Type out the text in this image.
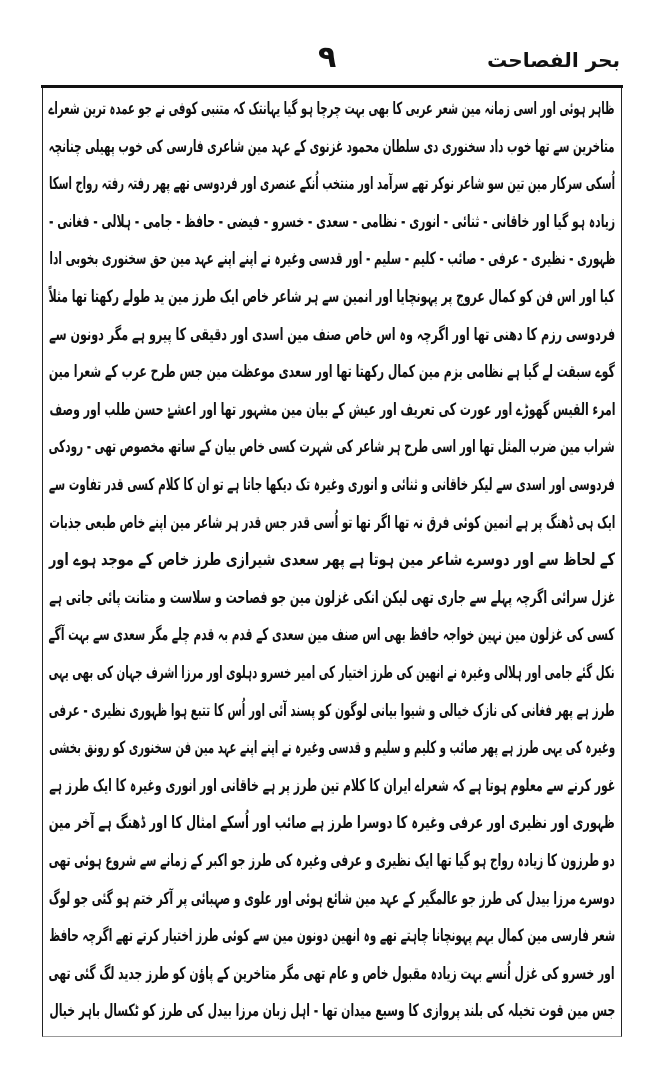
بحر الفصاحت
۹
ظاہر ہوئی اور اسی زمانہ مین شعر عربی کا بھی بہت چرچا ہو گیا یہانتک کہ متنبی کوفی نے جو عمدہ ترین شعراے
متاخرین سے تھا خوب داد سخنوری دی سلطان محمود غزنوی کے عہد مین شاعری فارسی کی خوب پھیلی چنانچہ
اُسکی سرکار مین تین سو شاعر نوکر تھے سرآمد اور منتخب اُنکے عنصری اور فردوسی تھے پھر رفتہ رفتہ رواج اسکا
زیادہ ہو گیا اور خاقانی - ثنائی - انوری - نظامی - سعدی - خسرو - فیضی - حافظ - جامی - ہلالی - فغانی -
ظہوری - نظیری - عرفی - صائب - کلیم - سلیم - اور قدسی وغیرہ نے اپنے اپنے عہد مین حق سخنوری بخوبی ادا
کیا اور اس فن کو کمال عروج پر پہونچایا اور انمین سے ہر شاعر خاص ایک طرز مین ید طولے رکھتا تھا مثلاً
فردوسی رزم کا دھنی تھا اور اگرچہ وہ اس خاص صنف مین اسدی اور دقیقی کا پیرو ہے مگر دونون سے
گوے سبقت لے گیا ہے نظامی بزم مین کمال رکھتا تھا اور سعدی موعظت مین جس طرح عرب کے شعرا مین
امرء القیس گھوڑے اور عورت کی تعریف اور عیش کے بیان مین مشہور تھا اور اعشےٰ حسن طلب اور وصف
شراب مین ضرب المثل تھا اور اسی طرح ہر شاعر کی شہرت کسی خاص بیان کے ساتھ مخصوص تھی - رودکی
فردوسی اور اسدی سے لیکر خاقانی و ثنائی و انوری وغیرہ تک دیکھا جاتا ہے تو ان کا کلام کسی قدر تفاوت سے
ایک ہی ڈھنگ پر ہے انمین کوئی فرق نہ تھا اگر تھا تو اُسی قدر جس قدر ہر شاعر مین اپنے خاص طبعی جذبات
کے لحاظ سے اور دوسرے شاعر مین ہوتا ہے پھر سعدی شیرازی طرز خاص کے موجد ہوے اور
غزل سرائی اگرچہ پہلے سے جاری تھی لیکن انکی غزلون مین جو فصاحت و سلاست و متانت پائی جاتی ہے
کسی کی غزلون مین نہین خواجہ حافظ بھی اس صنف مین سعدی کے قدم بہ قدم چلے مگر سعدی سے بہت آگے
نکل گئے جامی اور ہلالی وغیرہ نے انھین کی طرز اختیار کی امیر خسرو دہلوی اور مرزا اشرف جہان کی بھی یہی
طرز ہے پھر فغانی کی نازک خیالی و شیوا بیانی لوگون کو پسند آئی اور اُس کا تتبع ہوا ظہوری نظیری - عرفی
وغیرہ کی یہی طرز ہے پھر صائب و کلیم و سلیم و قدسی وغیرہ نے اپنے اپنے عہد مین فن سخنوری کو رونق بخشی
غور کرنے سے معلوم ہوتا ہے کہ شعراے ایران کا کلام تین طرز پر ہے خاقانی اور انوری وغیرہ کا ایک طرز ہے
ظہوری اور نظیری اور عرفی وغیرہ کا دوسرا طرز ہے صائب اور اُسکے امثال کا اور ڈھنگ ہے آخر مین
دو طرزون کا زیادہ رواج ہو گیا تھا ایک نظیری و عرفی وغیرہ کی طرز جو اکبر کے زمانے سے شروع ہوئی تھی
دوسرے مرزا بیدل کی طرز جو عالمگیر کے عہد مین شائع ہوئی اور علوی و صہبائی پر آکر ختم ہو گئی جو لوگ
شعر فارسی مین کمال بہم پہونچانا چاہتے تھے وہ انھین دونون مین سے کوئی طرز اختیار کرتے تھے اگرچہ حافظ
اور خسرو کی غزل اُنسے بہت زیادہ مقبول خاص و عام تھی مگر متاخرین کے پاؤن کو طرز جدید لگ گئی تھی
جس مین قوت تخیلہ کی بلند پروازی کا وسیع میدان تھا - اہل زبان مرزا بیدل کی طرز کو ٹکسال باہر خیال
